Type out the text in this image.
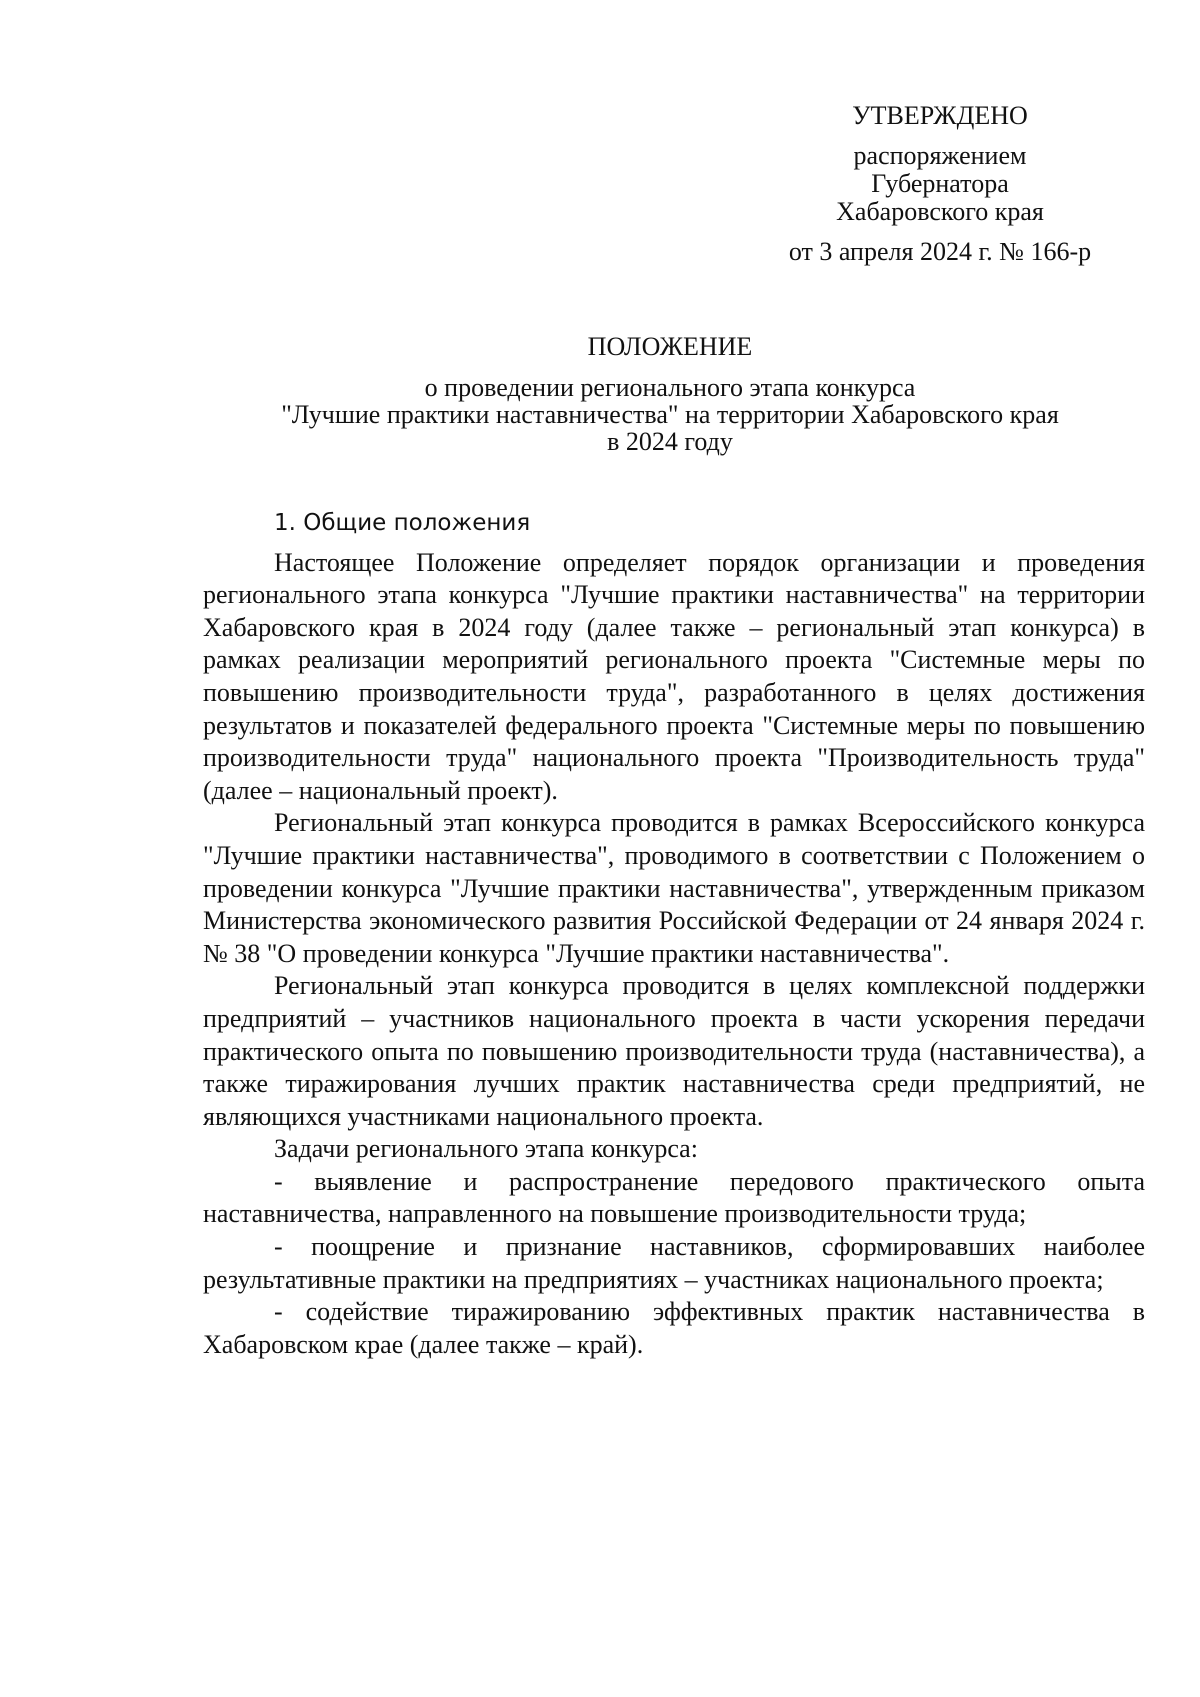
УТВЕРЖДЕНО
распоряжением
Губернатора
Хабаровского края
от 3 апреля 2024 г. № 166-р
ПОЛОЖЕНИЕ
о проведении регионального этапа конкурса
"Лучшие практики наставничества" на территории Хабаровского края
в 2024 году
1. Общие положения

Настоящее Положение определяет порядок организации и проведения регионального этапа конкурса "Лучшие практики наставничества" на территории Хабаровского края в 2024 году (далее также – региональный этап конкурса) в рамках реализации мероприятий регионального проекта "Системные меры по повышению производительности труда", разработанного в целях достижения результатов и показателей федерального проекта "Системные меры по повышению производительности труда" национального проекта "Производительность труда" (далее – национальный проект).

Региональный этап конкурса проводится в рамках Всероссийского конкурса "Лучшие практики наставничества", проводимого в соответствии с Положением о проведении конкурса "Лучшие практики наставничества", утвержденным приказом Министерства экономического развития Российской Федерации от 24 января 2024 г. № 38 "О проведении конкурса "Лучшие практики наставничества".

Региональный этап конкурса проводится в целях комплексной поддержки предприятий – участников национального проекта в части ускорения передачи практического опыта по повышению производительности труда (наставничества), а также тиражирования лучших практик наставничества среди предприятий, не являющихся участниками национального проекта.

Задачи регионального этапа конкурса:

- выявление и распространение передового практического опыта наставничества, направленного на повышение производительности труда;

- поощрение и признание наставников, сформировавших наиболее результативные практики на предприятиях – участниках национального проекта;

- содействие тиражированию эффективных практик наставничества в Хабаровском крае (далее также – край).
